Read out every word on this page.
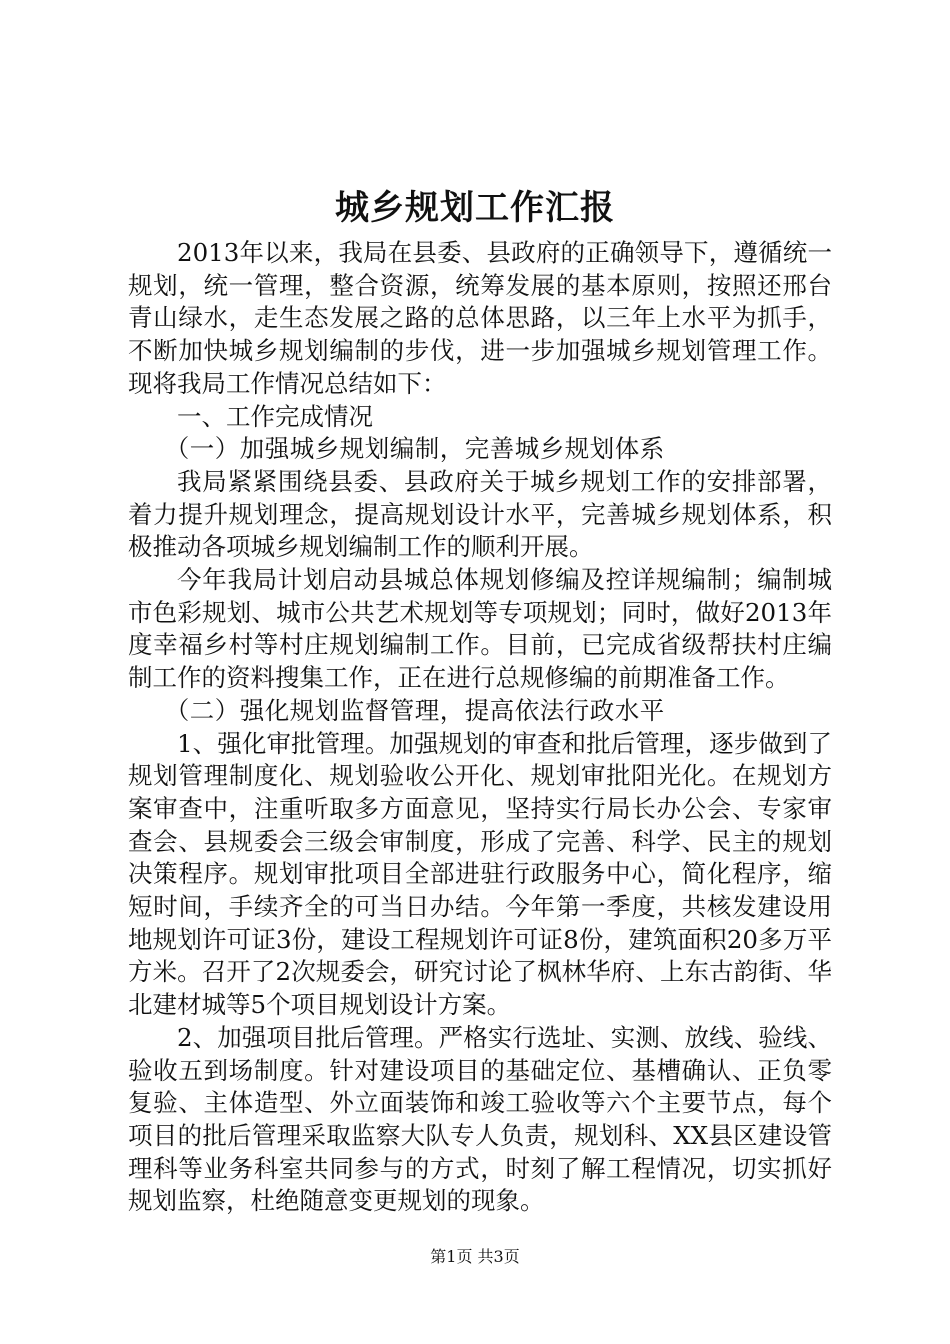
城乡规划工作汇报

2013年以来，我局在县委、县政府的正确领导下，遵循统一规划，统一管理，整合资源，统筹发展的基本原则，按照还邢台青山绿水，走生态发展之路的总体思路，以三年上水平为抓手，不断加快城乡规划编制的步伐，进一步加强城乡规划管理工作。现将我局工作情况总结如下：

一、工作完成情况

（一）加强城乡规划编制，完善城乡规划体系

我局紧紧围绕县委、县政府关于城乡规划工作的安排部署，着力提升规划理念，提高规划设计水平，完善城乡规划体系，积极推动各项城乡规划编制工作的顺利开展。

今年我局计划启动县城总体规划修编及控详规编制；编制城市色彩规划、城市公共艺术规划等专项规划；同时，做好2013年度幸福乡村等村庄规划编制工作。目前，已完成省级帮扶村庄编制工作的资料搜集工作，正在进行总规修编的前期准备工作。

（二）强化规划监督管理，提高依法行政水平

1、强化审批管理。加强规划的审查和批后管理，逐步做到了规划管理制度化、规划验收公开化、规划审批阳光化。在规划方案审查中，注重听取多方面意见，坚持实行局长办公会、专家审查会、县规委会三级会审制度，形成了完善、科学、民主的规划决策程序。规划审批项目全部进驻行政服务中心，简化程序，缩短时间，手续齐全的可当日办结。今年第一季度，共核发建设用地规划许可证3份，建设工程规划许可证8份，建筑面积20多万平方米。召开了2次规委会，研究讨论了枫林华府、上东古韵街、华北建材城等5个项目规划设计方案。

2、加强项目批后管理。严格实行选址、实测、放线、验线、验收五到场制度。针对建设项目的基础定位、基槽确认、正负零复验、主体造型、外立面装饰和竣工验收等六个主要节点，每个项目的批后管理采取监察大队专人负责，规划科、XX县区建设管理科等业务科室共同参与的方式，时刻了解工程情况，切实抓好规划监察，杜绝随意变更规划的现象。

第1页 共3页
